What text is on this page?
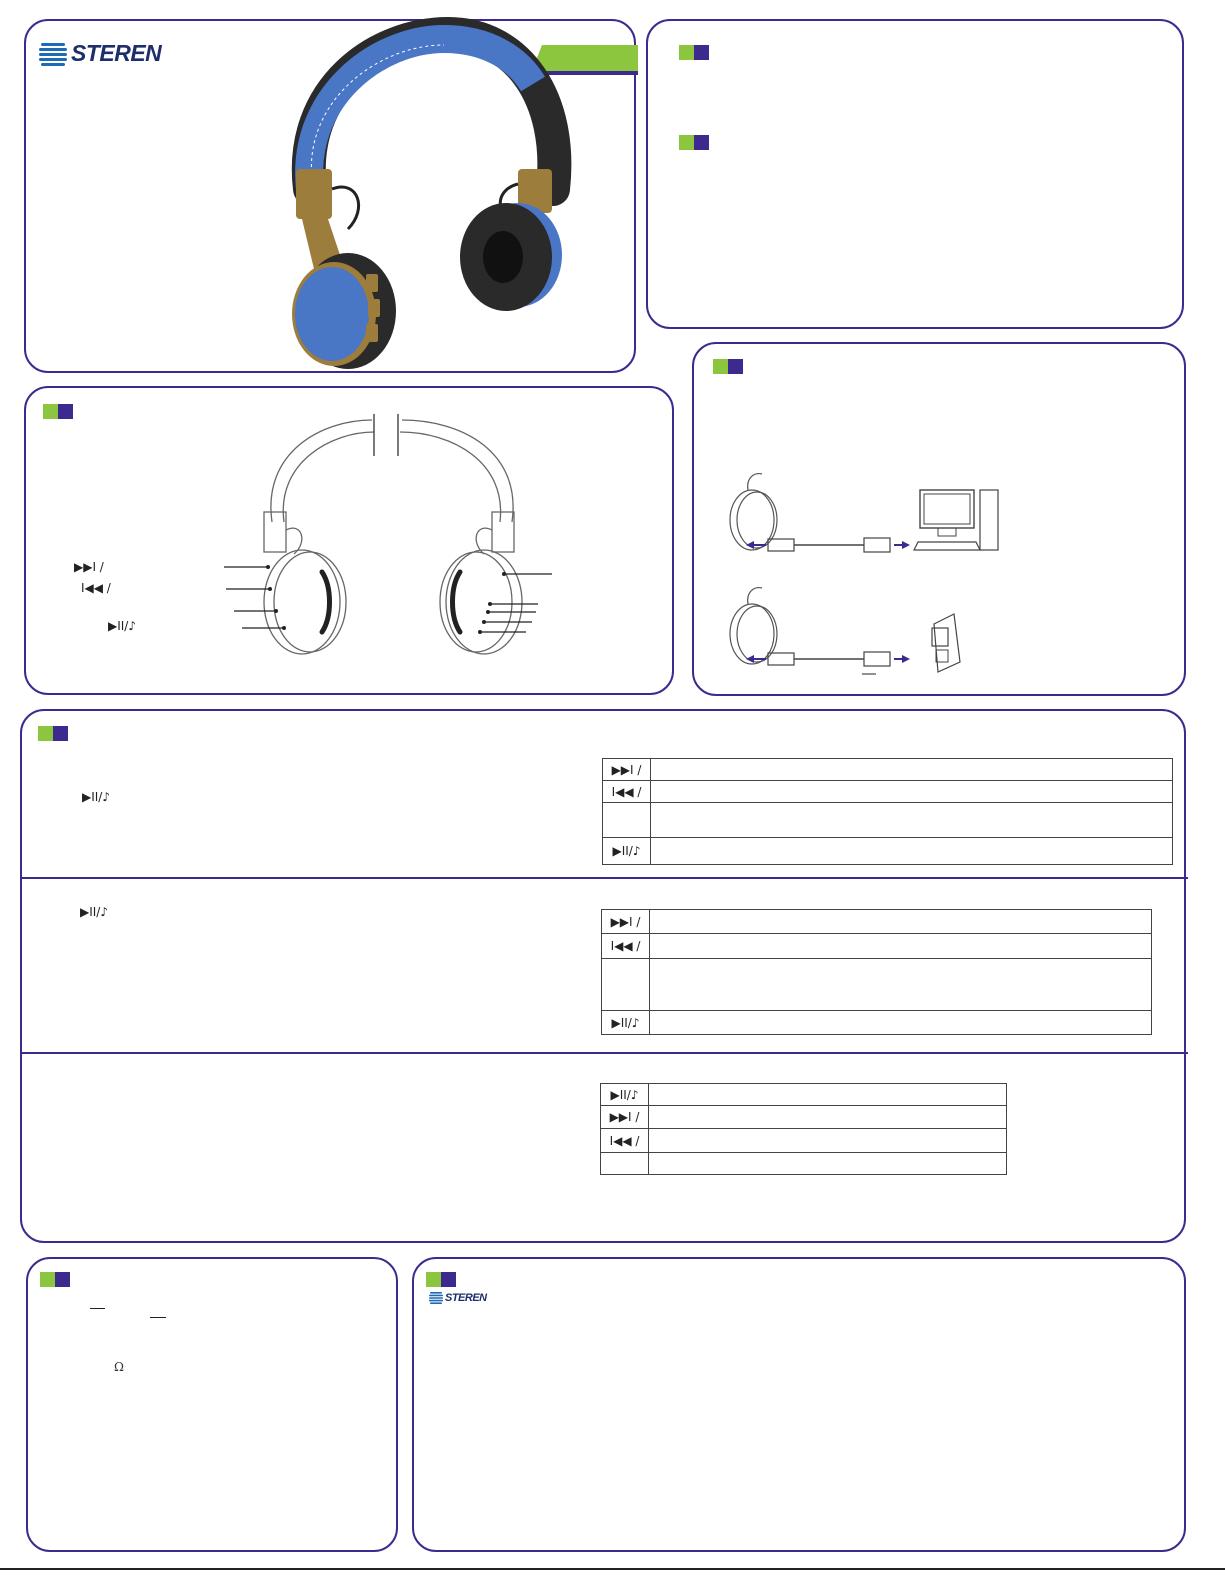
STEREN
▶▶I /
I◀◀ /
▶II/♪
▶II/♪
▶▶I /	
I◀◀ /	

▶II/♪	
▶II/♪
▶▶I /	
I◀◀ /	

▶II/♪	
▶II/♪	
▶▶I /	
I◀◀ /	

Ω
STEREN
